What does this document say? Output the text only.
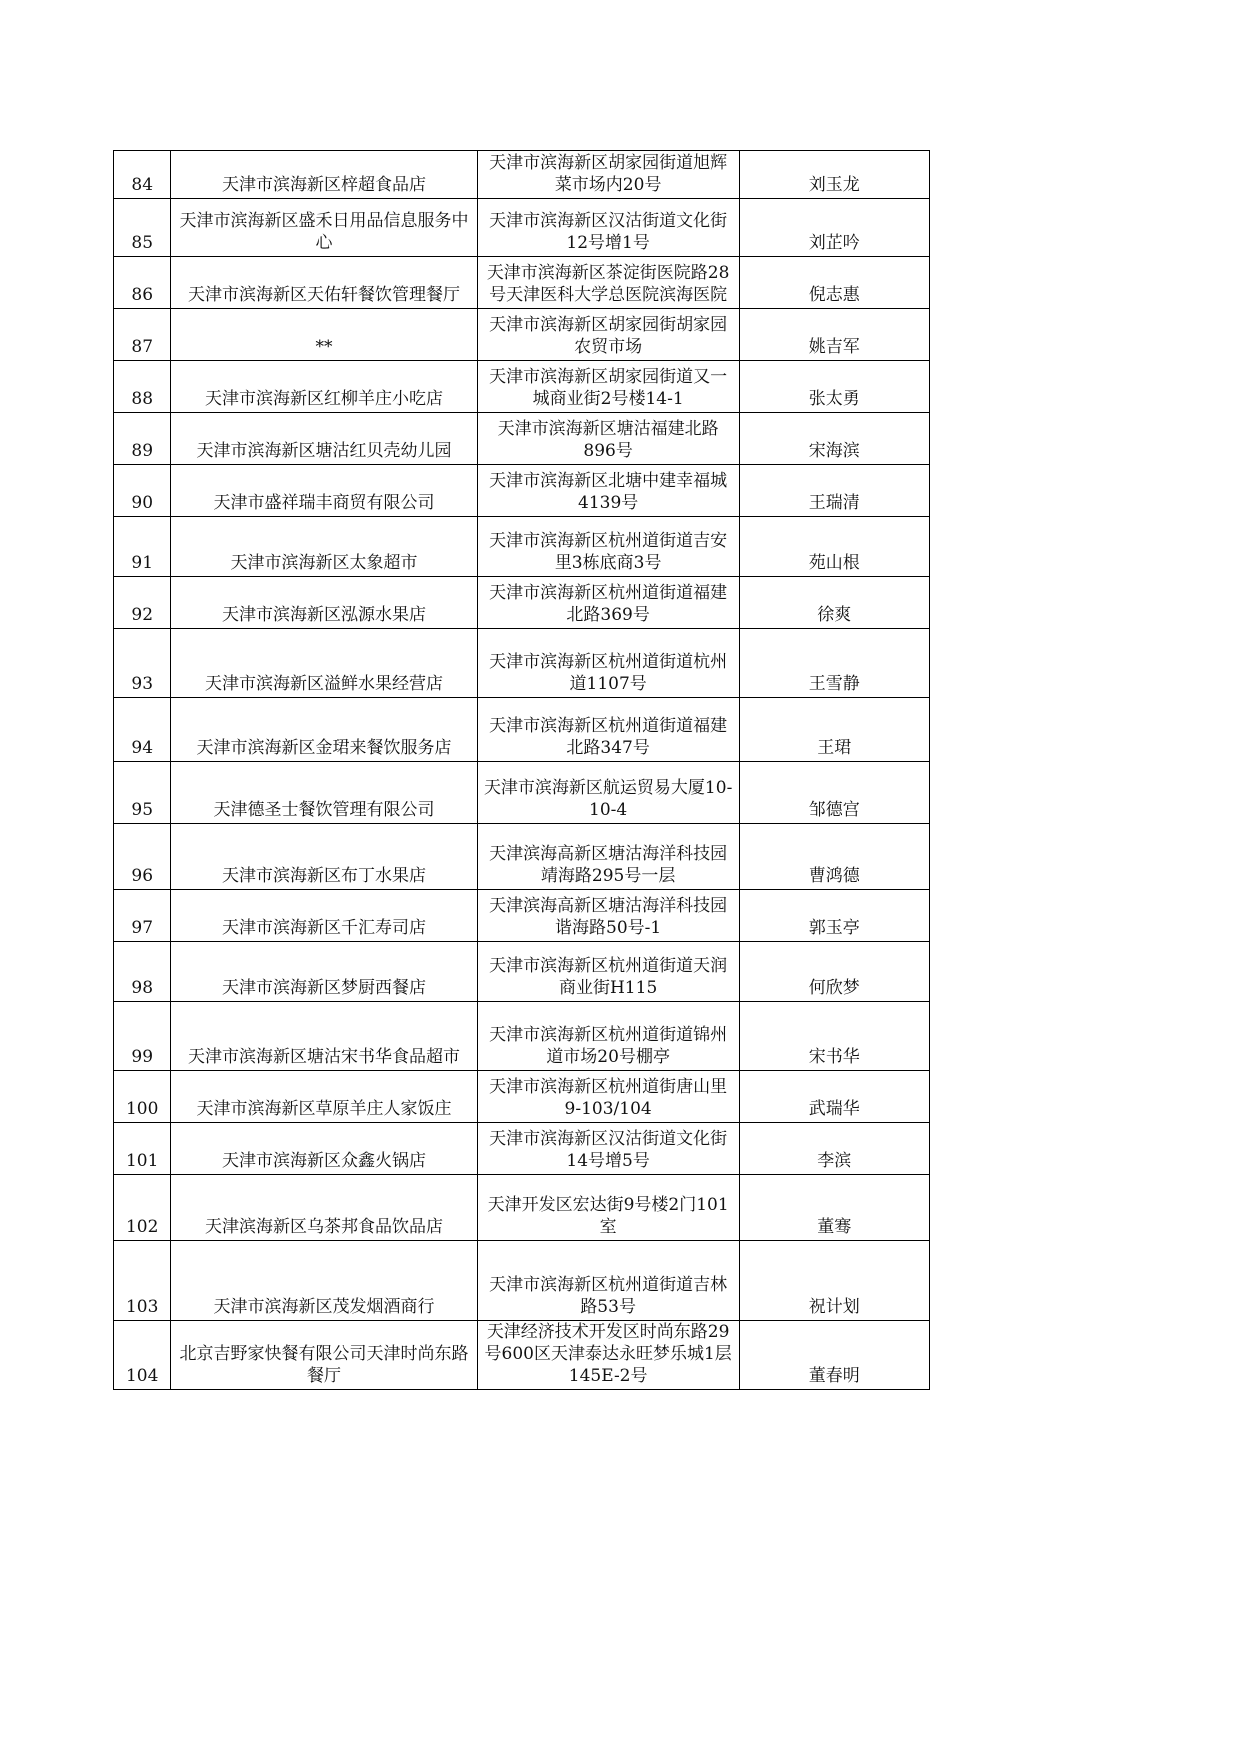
84	天津市滨海新区梓超食品店	天津市滨海新区胡家园街道旭辉菜市场内20号	刘玉龙
85	天津市滨海新区盛禾日用品信息服务中心	天津市滨海新区汉沽街道文化街12号增1号	刘芷吟
86	天津市滨海新区天佑轩餐饮管理餐厅	天津市滨海新区茶淀街医院路28号天津医科大学总医院滨海医院	倪志惠
87	**	天津市滨海新区胡家园街胡家园农贸市场	姚吉军
88	天津市滨海新区红柳羊庄小吃店	天津市滨海新区胡家园街道又一城商业街2号楼14-1	张太勇
89	天津市滨海新区塘沽红贝壳幼儿园	天津市滨海新区塘沽福建北路896号	宋海滨
90	天津市盛祥瑞丰商贸有限公司	天津市滨海新区北塘中建幸福城4139号	王瑞清
91	天津市滨海新区太象超市	天津市滨海新区杭州道街道吉安里3栋底商3号	苑山根
92	天津市滨海新区泓源水果店	天津市滨海新区杭州道街道福建北路369号	徐爽
93	天津市滨海新区溢鲜水果经营店	天津市滨海新区杭州道街道杭州道1107号	王雪静
94	天津市滨海新区金珺来餐饮服务店	天津市滨海新区杭州道街道福建北路347号	王珺
95	天津德圣士餐饮管理有限公司	天津市滨海新区航运贸易大厦10-10-4	邹德宫
96	天津市滨海新区布丁水果店	天津滨海高新区塘沽海洋科技园靖海路295号一层	曹鸿德
97	天津市滨海新区千汇寿司店	天津滨海高新区塘沽海洋科技园谐海路50号-1	郭玉亭
98	天津市滨海新区梦厨西餐店	天津市滨海新区杭州道街道天润商业街H115	何欣梦
99	天津市滨海新区塘沽宋书华食品超市	天津市滨海新区杭州道街道锦州道市场20号棚亭	宋书华
100	天津市滨海新区草原羊庄人家饭庄	天津市滨海新区杭州道街唐山里9-103/104	武瑞华
101	天津市滨海新区众鑫火锅店	天津市滨海新区汉沽街道文化街14号增5号	李滨
102	天津滨海新区乌茶邦食品饮品店	天津开发区宏达街9号楼2门101室	董骞
103	天津市滨海新区茂发烟酒商行	天津市滨海新区杭州道街道吉林路53号	祝计划
104	北京吉野家快餐有限公司天津时尚东路餐厅	天津经济技术开发区时尚东路29号600区天津泰达永旺梦乐城1层145E-2号	董春明
